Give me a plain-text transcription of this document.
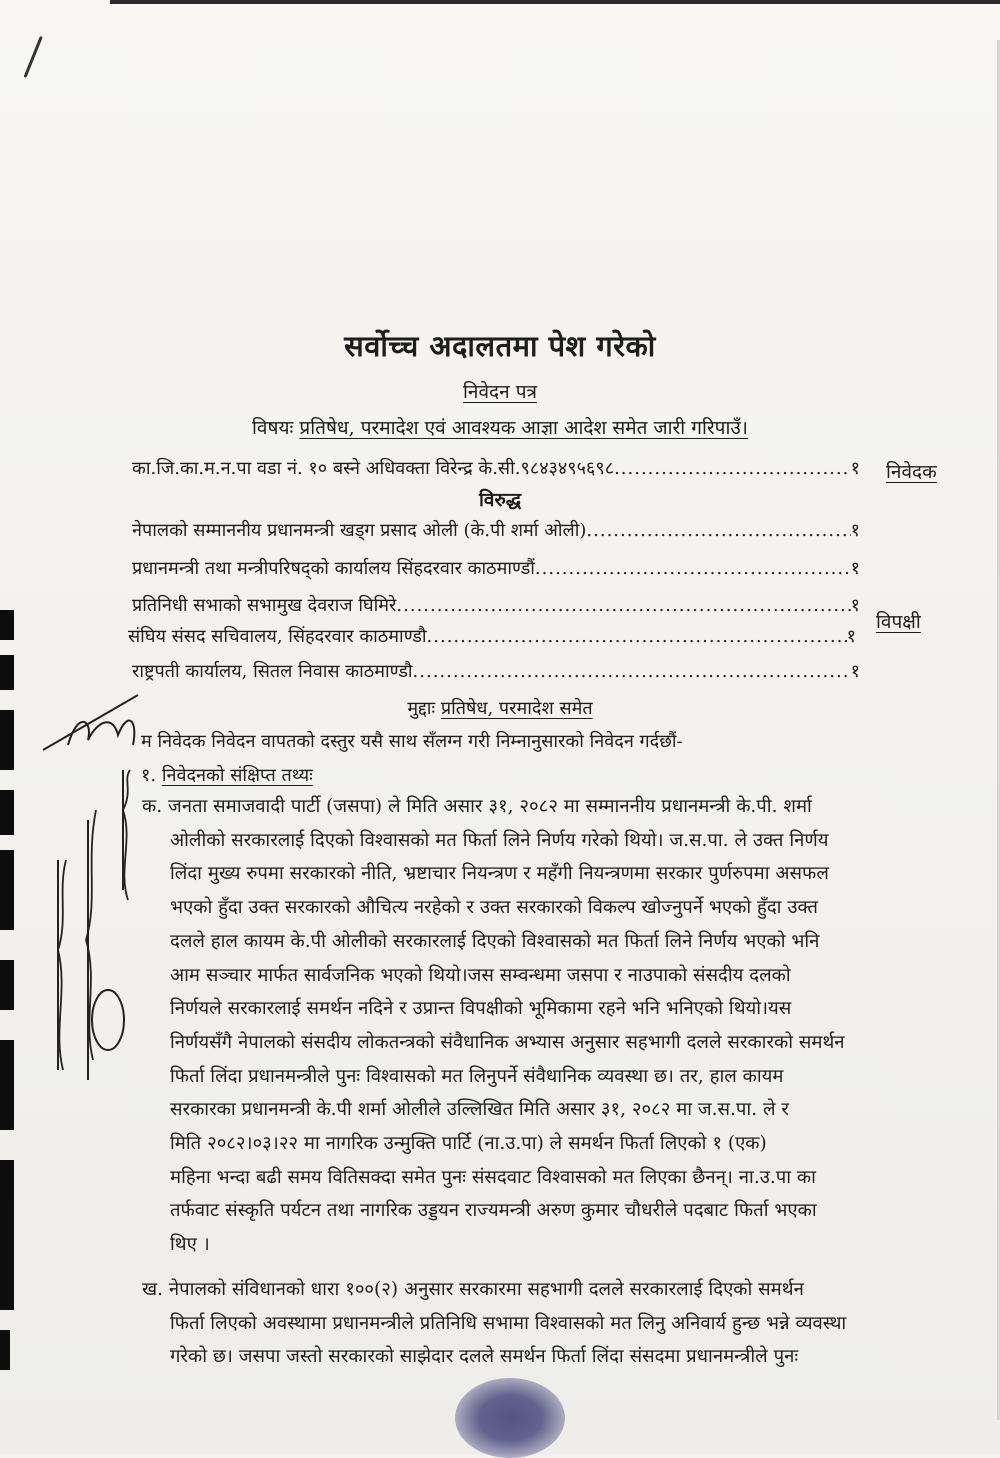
सर्वोच्च अदालतमा पेश गरेको
निवेदन पत्र
विषयः प्रतिषेध, परमादेश एवं आवश्यक आज्ञा आदेश समेत जारी गरिपाउँ।
का.जि.का.म.न.पा वडा नं. १० बस्ने अधिवक्ता विरेन्द्र के.सी.९८४३४९५६९८ .....	१ निवेदक
विरुद्ध
नेपालको सम्माननीय प्रधानमन्त्री खड्ग प्रसाद ओली (के.पी शर्मा ओली) .....	१
प्रधानमन्त्री तथा मन्त्रीपरिषद्को कार्यालय सिंहदरवार काठमाण्डौं .....	१
प्रतिनिधी सभाको सभामुख देवराज घिमिरे .....	१
संघिय संसद सचिवालय, सिंहदरवार काठमाण्डौ .....	१
राष्ट्रपती कार्यालय, सितल निवास काठमाण्डौ .....	१
विपक्षी
मुद्दाः प्रतिषेध, परमादेश समेत
म निवेदक निवेदन वापतको दस्तुर यसै साथ सँलग्न गरी निम्नानुसारको निवेदन गर्दछौं-
१. निवेदनको संक्षिप्त तथ्यः
क. जनता समाजवादी पार्टी (जसपा) ले मिति असार ३१, २०८२ मा सम्माननीय प्रधानमन्त्री के.पी. शर्मा
ओलीको सरकारलाई दिएको विश्वासको मत फिर्ता लिने निर्णय गरेको थियो। ज.स.पा. ले उक्त निर्णय
लिंदा मुख्य रुपमा सरकारको नीति, भ्रष्टाचार नियन्त्रण र महँगी नियन्त्रणमा सरकार पुर्णरुपमा असफल
भएको हुँदा उक्त सरकारको औचित्य नरहेको र उक्त सरकारको विकल्प खोज्नुपर्ने भएको हुँदा उक्त
दलले हाल कायम के.पी ओलीको सरकारलाई दिएको विश्वासको मत फिर्ता लिने निर्णय भएको भनि
आम सञ्चार मार्फत सार्वजनिक भएको थियो।जस सम्वन्धमा जसपा र नाउपाको संसदीय दलको
निर्णयले सरकारलाई समर्थन नदिने र उप्रान्त विपक्षीको भूमिकामा रहने भनि भनिएको थियो।यस
निर्णयसँगै नेपालको संसदीय लोकतन्त्रको संवैधानिक अभ्यास अनुसार सहभागी दलले सरकारको समर्थन
फिर्ता लिंदा प्रधानमन्त्रीले पुनः विश्वासको मत लिनुपर्ने संवैधानिक व्यवस्था छ। तर, हाल कायम
सरकारका प्रधानमन्त्री के.पी शर्मा ओलीले उल्लिखित मिति असार ३१, २०८२ मा ज.स.पा. ले र
मिति २०८२।०३।२२ मा नागरिक उन्मुक्ति पार्टि (ना.उ.पा) ले समर्थन फिर्ता लिएको १ (एक)
महिना भन्दा बढी समय वितिसक्दा समेत पुनः संसदवाट विश्वासको मत लिएका छैनन्। ना.उ.पा का
तर्फवाट संस्कृति पर्यटन तथा नागरिक उड्डयन राज्यमन्त्री अरुण कुमार चौधरीले पदबाट फिर्ता भएका
थिए ।
ख. नेपालको संविधानको धारा १००(२) अनुसार सरकारमा सहभागी दलले सरकारलाई दिएको समर्थन
फिर्ता लिएको अवस्थामा प्रधानमन्त्रीले प्रतिनिधि सभामा विश्वासको मत लिनु अनिवार्य हुन्छ भन्ने व्यवस्था
गरेको छ। जसपा जस्तो सरकारको साझेदार दलले समर्थन फिर्ता लिंदा संसदमा प्रधानमन्त्रीले पुनः
